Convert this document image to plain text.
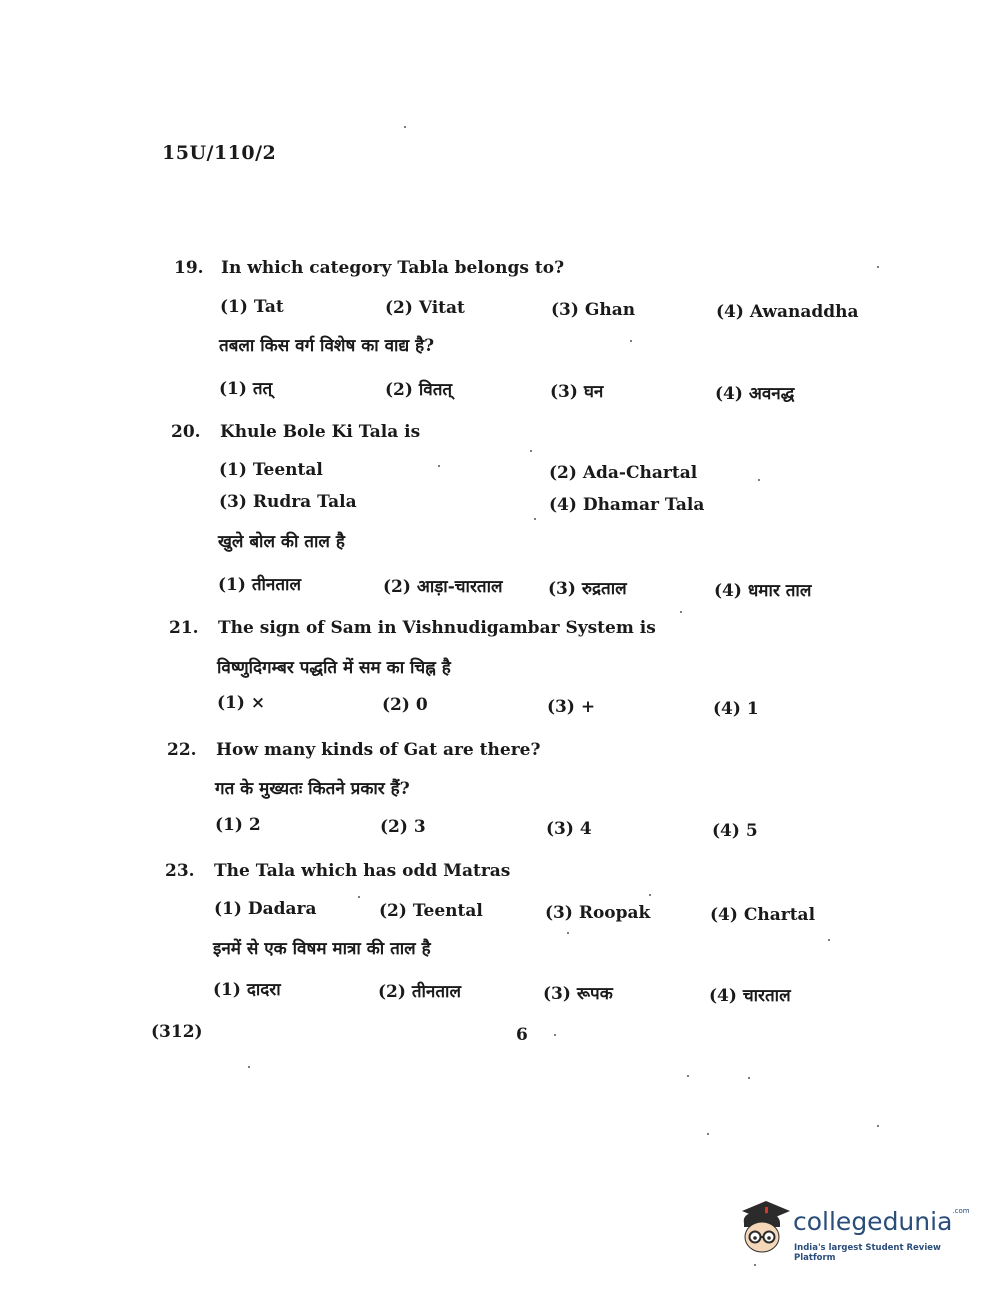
15U/110/2
19. In which category Tabla belongs to?
(1) Tat	(2) Vitat	(3) Ghan	(4) Awanaddha
तबला किस वर्ग विशेष का वाद्य है?
(1) तत्	(2) वितत्	(3) घन	(4) अवनद्ध
20. Khule Bole Ki Tala is
(1) Teental	(2) Ada-Chartal
(3) Rudra Tala	(4) Dhamar Tala
खुले बोल की ताल है
(1) तीनताल	(2) आड़ा-चारताल	(3) रुद्रताल	(4) धमार ताल
21. The sign of Sam in Vishnudigambar System is
विष्णुदिगम्बर पद्धति में सम का चिह्न है
(1) ×	(2) 0	(3) +	(4) 1
22. How many kinds of Gat are there?
गत के मुख्यतः कितने प्रकार हैं?
(1) 2	(2) 3	(3) 4	(4) 5
23. The Tala which has odd Matras
(1) Dadara	(2) Teental	(3) Roopak	(4) Chartal
इनमें से एक विषम मात्रा की ताल है
(1) दादरा	(2) तीनताल	(3) रूपक	(4) चारताल
(312)	6
collegedunia$^{.com}$
India's largest Student Review Platform
